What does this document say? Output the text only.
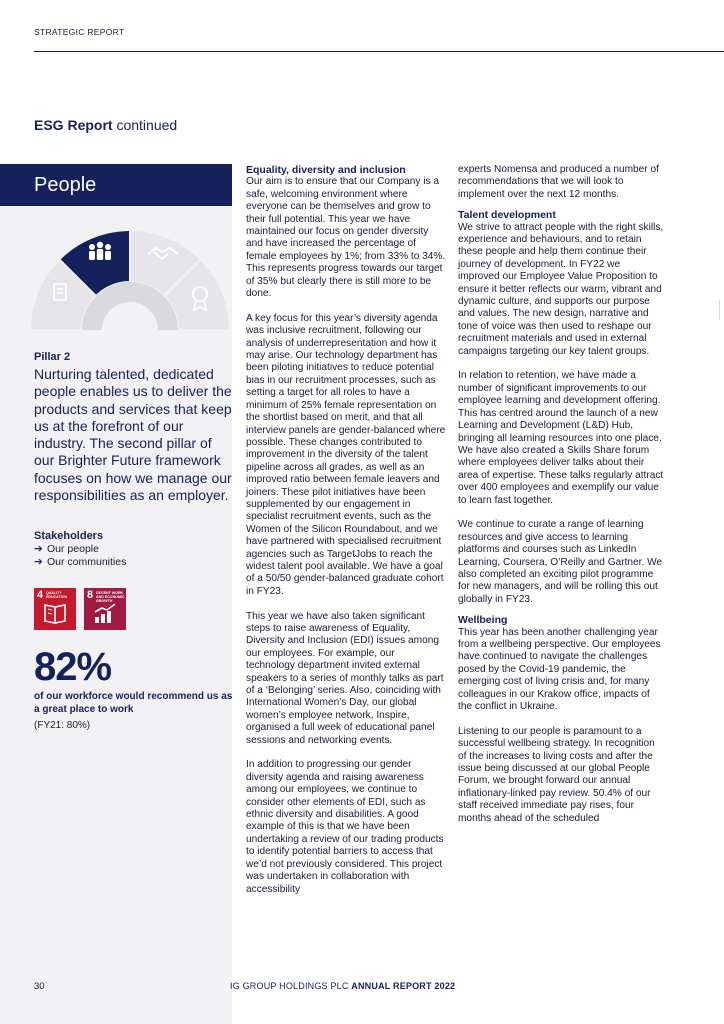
STRATEGIC REPORT
ESG Report continued
People
Pillar 2
Nurturing talented, dedicated people enables us to deliver the products and services that keep us at the forefront of our industry. The second pillar of our Brighter Future framework focuses on how we manage our responsibilities as an employer.
Stakeholders
➔ Our people
➔ Our communities
4 QUALITY EDUCATION	8 DECENT WORK AND ECONOMIC GROWTH
82%
of our workforce would recommend us as a great place to work
(FY21: 80%)
Equality, diversity and inclusion

Our aim is to ensure that our Company is a safe, welcoming environment where everyone can be themselves and grow to their full potential. This year we have maintained our focus on gender diversity and have increased the percentage of female employees by 1%; from 33% to 34%. This represents progress towards our target of 35% but clearly there is still more to be done.

A key focus for this year’s diversity agenda was inclusive recruitment, following our analysis of underrepresentation and how it may arise. Our technology department has been piloting initiatives to reduce potential bias in our recruitment processes, such as setting a target for all roles to have a minimum of 25% female representation on the shortlist based on merit, and that all interview panels are gender-balanced where possible. These changes contributed to improvement in the diversity of the talent pipeline across all grades, as well as an improved ratio between female leavers and joiners. These pilot initiatives have been supplemented by our engagement in specialist recruitment events, such as the Women of the Silicon Roundabout, and we have partnered with specialised recruitment agencies such as TargetJobs to reach the widest talent pool available. We have a goal of a 50/50 gender-balanced graduate cohort in FY23.

This year we have also taken significant steps to raise awareness of Equality, Diversity and Inclusion (EDI) issues among our employees. For example, our technology department invited external speakers to a series of monthly talks as part of a ‘Belonging’ series. Also, coinciding with International Women’s Day, our global women’s employee network, Inspire, organised a full week of educational panel sessions and networking events.

In addition to progressing our gender diversity agenda and raising awareness among our employees, we continue to consider other elements of EDI, such as ethnic diversity and disabilities. A good example of this is that we have been undertaking a review of our trading products to identify potential barriers to access that we’d not previously considered. This project was undertaken in collaboration with accessibility

experts Nomensa and produced a number of recommendations that we will look to implement over the next 12 months.

Talent development

We strive to attract people with the right skills, experience and behaviours, and to retain these people and help them continue their journey of development. In FY22 we improved our Employee Value Proposition to ensure it better reflects our warm, vibrant and dynamic culture, and supports our purpose and values. The new design, narrative and tone of voice was then used to reshape our recruitment materials and used in external campaigns targeting our key talent groups.

In relation to retention, we have made a number of significant improvements to our employee learning and development offering. This has centred around the launch of a new Learning and Development (L&D) Hub, bringing all learning resources into one place. We have also created a Skills Share forum where employees deliver talks about their area of expertise. These talks regularly attract over 400 employees and exemplify our value to learn fast together.

We continue to curate a range of learning resources and give access to learning platforms and courses such as LinkedIn Learning, Coursera, O’Reilly and Gartner. We also completed an exciting pilot programme for new managers, and will be rolling this out globally in FY23.

Wellbeing

This year has been another challenging year from a wellbeing perspective. Our employees have continued to navigate the challenges posed by the Covid-19 pandemic, the emerging cost of living crisis and, for many colleagues in our Krakow office, impacts of the conflict in Ukraine.

Listening to our people is paramount to a successful wellbeing strategy. In recognition of the increases to living costs and after the issue being discussed at our global People Forum, we brought forward our annual inflationary-linked pay review. 50.4% of our staff received immediate pay rises, four months ahead of the scheduled

30	IG GROUP HOLDINGS PLC ANNUAL REPORT 2022
